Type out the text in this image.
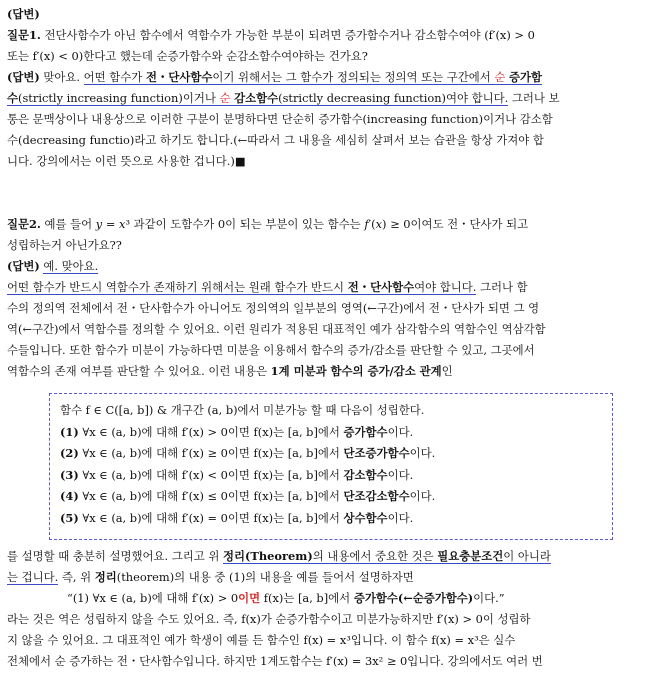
(답변)
질문1. 전단사함수가 아닌 함수에서 역함수가 가능한 부분이 되려면 증가함수거나 감소함수여야 (f′(x) > 0
또는 f′(x) < 0)한다고 했는데 순증가함수와 순감소함수여야하는 건가요?
(답변) 맞아요. 어떤 함수가 전・단사함수이기 위해서는 그 함수가 정의되는 정의역 또는 구간에서 순 증가함
수(strictly increasing function)이거나 순 감소함수(strictly decreasing function)여야 합니다. 그러나 보
통은 문맥상이나 내용상으로 이러한 구분이 분명하다면 단순히 증가함수(increasing function)이거나 감소함
수(decreasing functio)라고 하기도 합니다.(←따라서 그 내용을 세심히 살펴서 보는 습관을 항상 가져야 합
니다. 강의에서는 이런 뜻으로 사용한 겁니다.)■
질문2. 예를 들어 y = x³ 과같이 도함수가 0이 되는 부분이 있는 함수는 f′(x) ≥ 0이여도 전・단사가 되고
성립하는거 아닌가요??
(답변) 예. 맞아요.
어떤 함수가 반드시 역함수가 존재하기 위해서는 원래 함수가 반드시 전・단사함수여야 합니다. 그러나 함
수의 정의역 전체에서 전・단사함수가 아니어도 정의역의 일부분의 영역(←구간)에서 전・단사가 되면 그 영
역(←구간)에서 역함수를 정의할 수 있어요. 이런 원리가 적용된 대표적인 예가 삼각함수의 역함수인 역삼각함
수들입니다. 또한 함수가 미분이 가능하다면 미분을 이용해서 함수의 증가/감소를 판단할 수 있고, 그곳에서
역함수의 존재 여부를 판단할 수 있어요. 이런 내용은 1계 미분과 함수의 증가/감소 관계인
함수 f ∈ C([a, b]) & 개구간 (a, b)에서 미분가능 할 때 다음이 성립한다.
(1) ∀x ∈ (a, b)에 대해 f′(x) > 0이면 f(x)는 [a, b]에서 증가함수이다.
(2) ∀x ∈ (a, b)에 대해 f′(x) ≥ 0이면 f(x)는 [a, b]에서 단조증가함수이다.
(3) ∀x ∈ (a, b)에 대해 f′(x) < 0이면 f(x)는 [a, b]에서 감소함수이다.
(4) ∀x ∈ (a, b)에 대해 f′(x) ≤ 0이면 f(x)는 [a, b]에서 단조감소함수이다.
(5) ∀x ∈ (a, b)에 대해 f′(x) = 0이면 f(x)는 [a, b]에서 상수함수이다.
를 설명할 때 충분히 설명했어요. 그리고 위 정리(Theorem)의 내용에서 중요한 것은 필요충분조건이 아니라
는 겁니다. 즉, 위 정리(theorem)의 내용 중 (1)의 내용을 예를 들어서 설명하자면
“(1) ∀x ∈ (a, b)에 대해 f′(x) > 0이면 f(x)는 [a, b]에서 증가함수(←순증가함수)이다.”
라는 것은 역은 성립하지 않을 수도 있어요. 즉, f(x)가 순증가함수이고 미분가능하지만 f′(x) > 0이 성립하
지 않을 수 있어요. 그 대표적인 예가 학생이 예를 든 함수인 f(x) = x³입니다. 이 함수 f(x) = x³은 실수
전체에서 순 증가하는 전・단사함수입니다. 하지만 1계도함수는 f′(x) = 3x² ≥ 0입니다. 강의에서도 여러 번
